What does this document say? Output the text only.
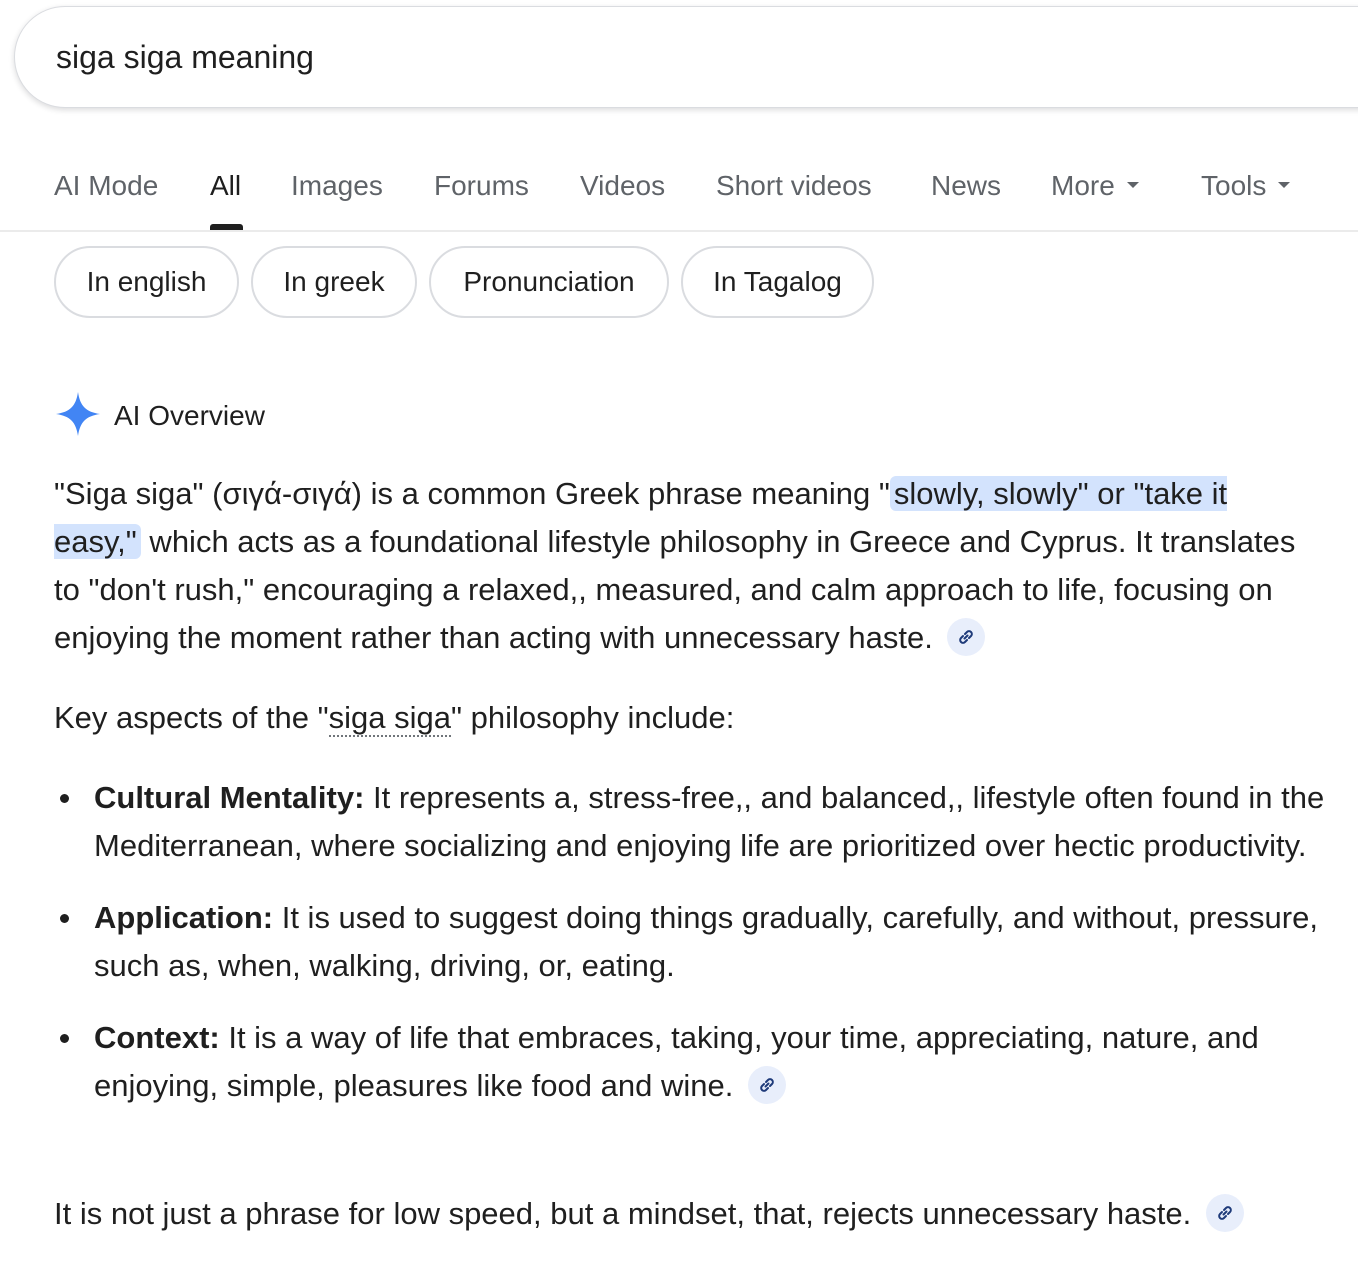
siga siga meaning
AI Mode All Images Forums Videos Short videos News More	Tools
In english	In greek	Pronunciation	In Tagalog
AI Overview
"Siga siga" (σιγά-σιγά) is a common Greek phrase meaning " slowly, slowly" or "take it easy," which acts as a foundational lifestyle philosophy in Greece and Cyprus. It translates to "don't rush," encouraging a relaxed,, measured, and calm approach to life, focusing on enjoying the moment rather than acting with unnecessary haste.
Key aspects of the "siga siga" philosophy include:
Cultural Mentality: It represents a, stress-free,, and balanced,, lifestyle often found in the Mediterranean, where socializing and enjoying life are prioritized over hectic productivity.
Application: It is used to suggest doing things gradually, carefully, and without, pressure, such as, when, walking, driving, or, eating.
Context: It is a way of life that embraces, taking, your time, appreciating, nature, and enjoying, simple, pleasures like food and wine.
It is not just a phrase for low speed, but a mindset, that, rejects unnecessary haste.
